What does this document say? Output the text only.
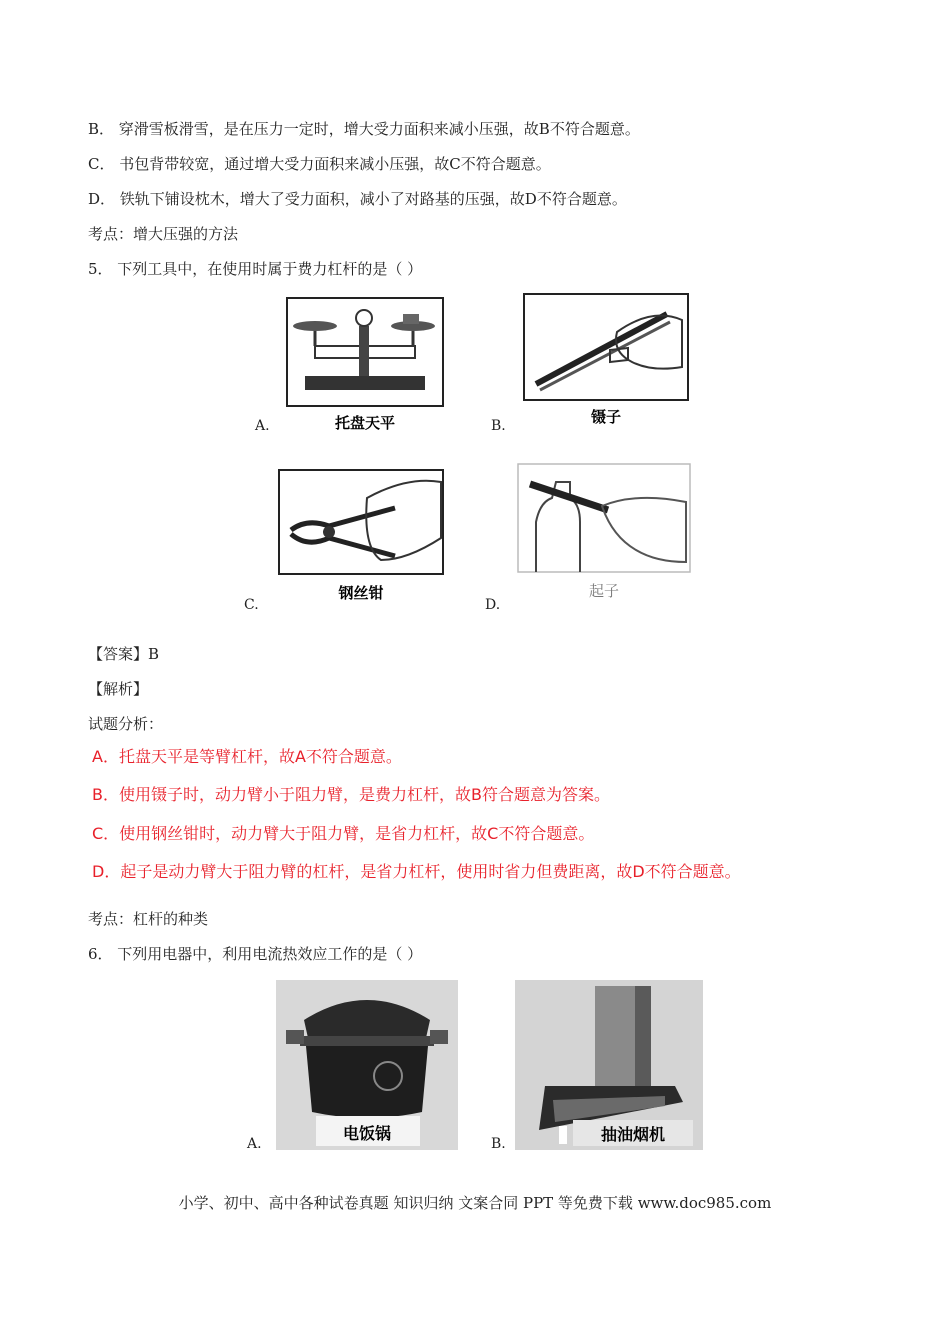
B． 穿滑雪板滑雪，是在压力一定时，增大受力面积来减小压强，故B不符合题意。
C． 书包背带较宽，通过增大受力面积来减小压强，故C不符合题意。
D． 铁轨下铺设枕木，增大了受力面积，减小了对路基的压强，故D不符合题意。
考点：增大压强的方法
5． 下列工具中，在使用时属于费力杠杆的是（ ）
托盘天平
A.	镊子
B.
钢丝钳
C.
起子
D.
【答案】B
【解析】
试题分析：
A．托盘天平是等臂杠杆，故A不符合题意。
B．使用镊子时，动力臂小于阻力臂，是费力杠杆，故B符合题意为答案。
C．使用钢丝钳时，动力臂大于阻力臂，是省力杠杆，故C不符合题意。
D．起子是动力臂大于阻力臂的杠杆，是省力杠杆，使用时省力但费距离，故D不符合题意。
考点：杠杆的种类
6． 下列用电器中，利用电流热效应工作的是（ ）
电饭锅
A.	抽油烟机
B.
小学、初中、高中各种试卷真题 知识归纳 文案合同 PPT 等免费下载 www.doc985.com
